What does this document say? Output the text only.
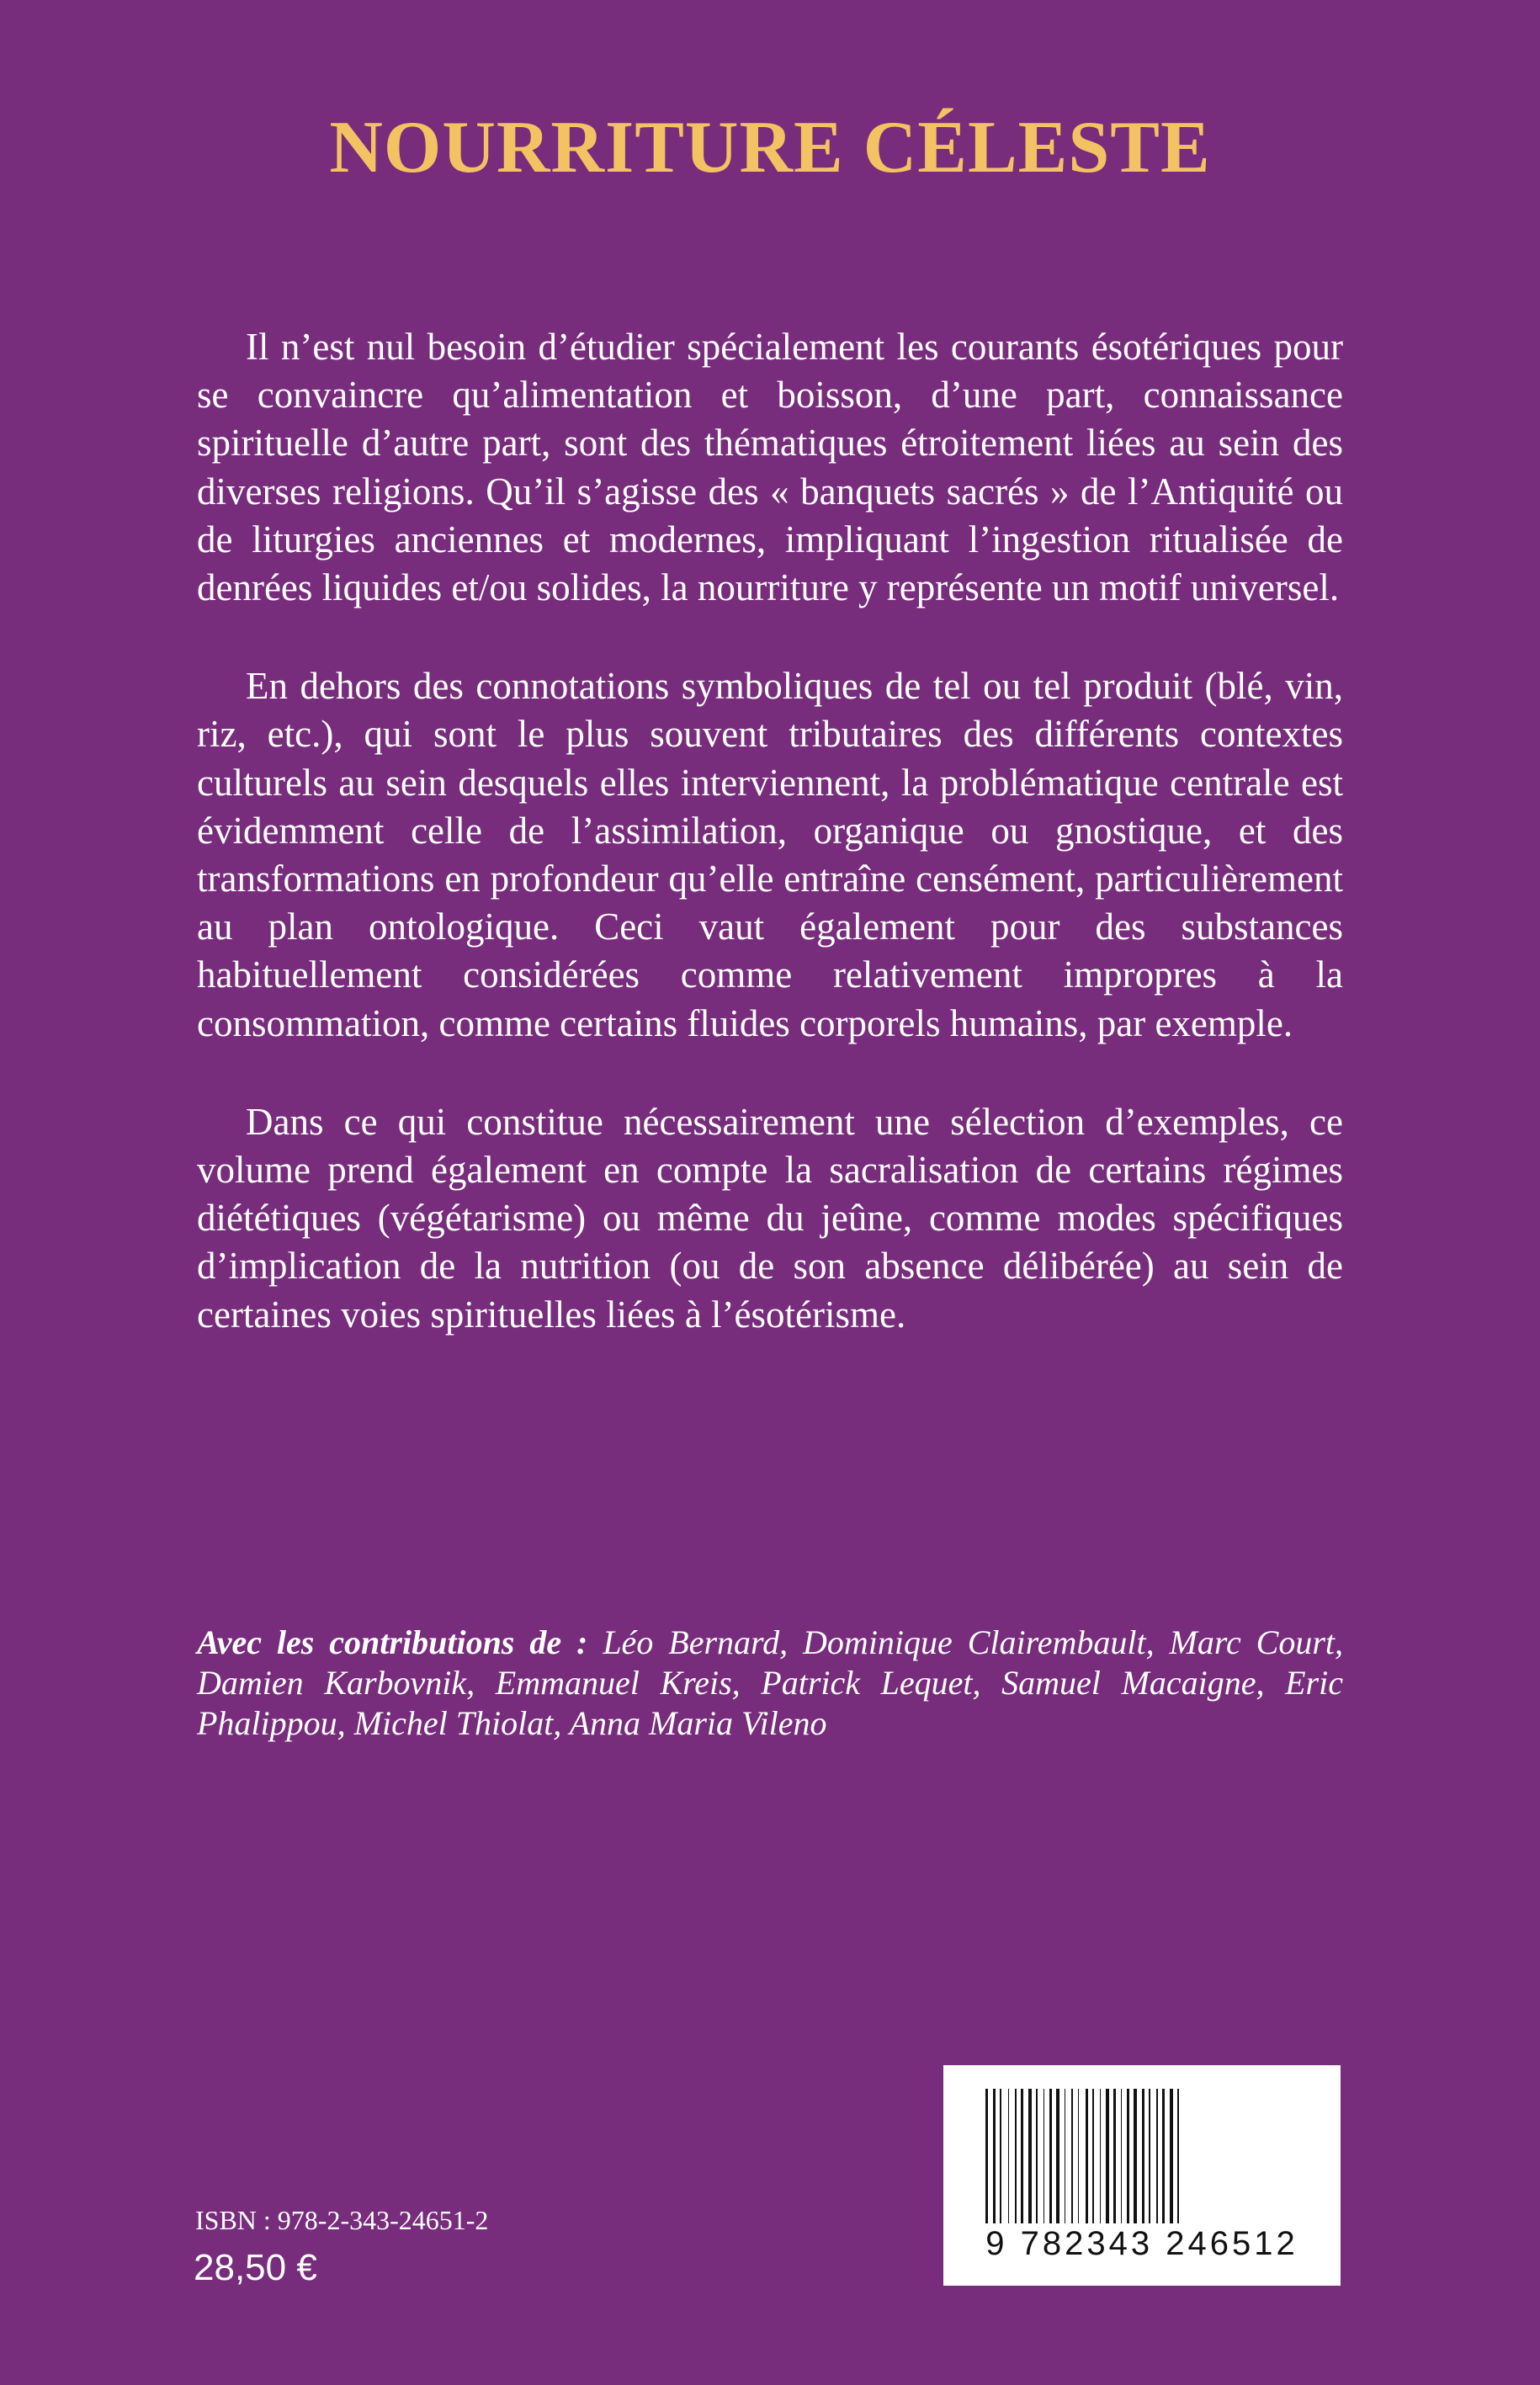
NOURRITURE CÉLESTE

Il n’est nul besoin d’étudier spécialement les courants ésotériques pour se convaincre qu’alimentation et boisson, d’une part, connaissance spirituelle d’autre part, sont des thématiques étroitement liées au sein des diverses religions. Qu’il s’agisse des « banquets sacrés » de l’Antiquité ou de liturgies anciennes et modernes, impliquant l’ingestion ritualisée de denrées liquides et/ou solides, la nourriture y représente un motif universel.

En dehors des connotations symboliques de tel ou tel produit (blé, vin, riz, etc.), qui sont le plus souvent tributaires des différents contextes culturels au sein desquels elles interviennent, la problématique centrale est évidemment celle de l’assimilation, organique ou gnostique, et des transformations en profondeur qu’elle entraîne censément, particulièrement au plan ontologique. Ceci vaut également pour des substances habituellement considérées comme relativement impropres à la consommation, comme certains fluides corporels humains, par exemple.

Dans ce qui constitue nécessairement une sélection d’exemples, ce volume prend également en compte la sacralisation de certains régimes diététiques (végétarisme) ou même du jeûne, comme modes spécifiques d’implication de la nutrition (ou de son absence délibérée) au sein de certaines voies spirituelles liées à l’ésotérisme.

Avec les contributions de : Léo Bernard, Dominique Clairembault, Marc Court, Damien Karbovnik, Emmanuel Kreis, Patrick Lequet, Samuel Macaigne, Eric Phalippou, Michel Thiolat, Anna Maria Vileno

ISBN : 978-2-343-24651-2
28,50 €
9 782343 246512
